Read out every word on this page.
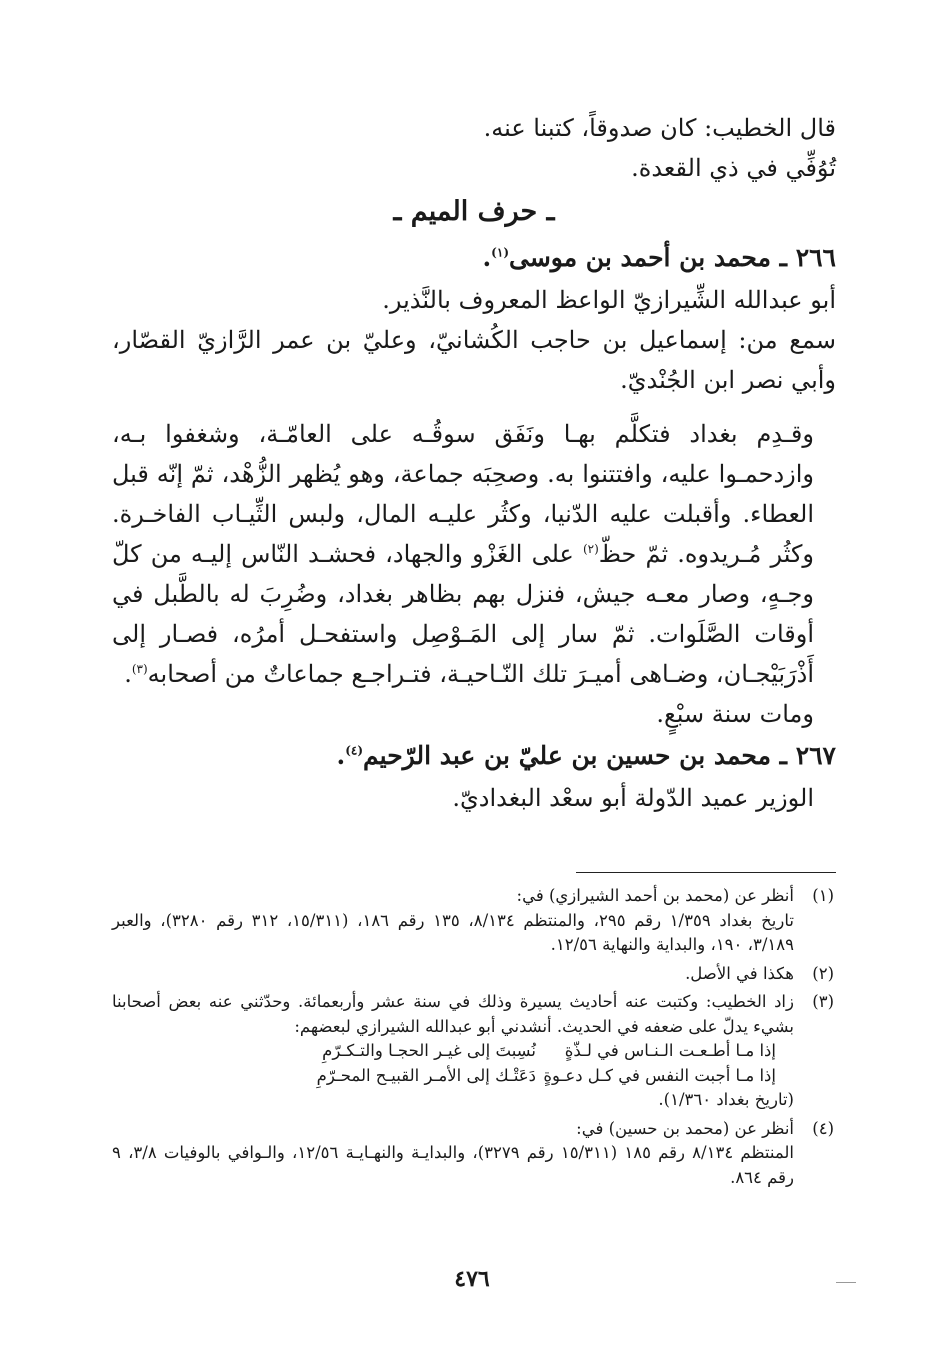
قال الخطيب: كان صدوقاً، كتبنا عنه.

تُوُفِّي في ذي القعدة.

ـ حرف الميم ـ

٢٦٦ ـ محمد بن أحمد بن موسى$^{(١)}$.

أبو عبدالله الشِّيرازيّ الواعظ المعروف بالنَّذير.

سمع من: إسماعيل بن حاجب الكُشانيّ، وعليّ بن عمر الرَّازيّ القصّار، وأبي نصر ابن الجُنْديّ.

وقـدِم بغداد فتكلَّم بهـا ونَفَق سوقُـه على العامّـة، وشغفوا بـه، وازدحمـوا عليه، وافتتنوا به. وصحِبَه جماعة، وهو يُظهر الزُّهْد، ثمّ إنّه قبل العطاء. وأقبلت عليه الدّنيا، وكثُر عليـه المال، ولبس الثِّيـاب الفاخـرة. وكثُر مُـريدوه. ثمّ حظّ$^{(٢)}$ على الغَزْو والجهاد، فحشـد النّاس إليـه من كلّ وجـهٍ، وصار معـه جيش، فنزل بهم بظاهر بغداد، وضُرِبَ له بالطَّبل في أوقات الصَّلَوات. ثمّ سار إلى المَـوْصِل واستفحـل أمرُه، فصـار إلى أَذْرَبَيْجـان، وضـاهى أميـرَ تلك النّـاحيـة، فتـراجـع جماعاتٌ من أصحابه$^{(٣)}$.

ومات سنة سبْعٍ.

٢٦٧ ـ محمد بن حسين بن عليّ بن عبد الرّحيم$^{(٤)}$.

الوزير عميد الدّولة أبو سعْد البغداديّ.

(١)

أنظر عن (محمد بن أحمد الشيرازي) في:

تاريخ بغداد ١/٣٥٩ رقم ٢٩٥، والمنتظم ٨/١٣٤، ١٣٥ رقم ١٨٦، (١٥/٣١١، ٣١٢ رقم ٣٢٨٠)، والعبر ٣/١٨٩، ١٩٠، والبداية والنهاية ١٢/٥٦.

(٢)

هكذا في الأصل.

(٣)

زاد الخطيب: وكتبت عنه أحاديث يسيرة وذلك في سنة عشر وأربعمائة. وحدّثني عنه بعض أصحابنا بشيء يدلّ على ضعفه في الحديث. أنشدني أبو عبدالله الشيرازي لبعضهم:

إذا مـا أطـعـت الـنـاس في لـذّةٍ
نُسِبتَ إلى غيـر الحجـا والتـكـرّمِ
إذا مـا أجبت النفس في كـل دعـوةٍ
دَعَتْـك إلى الأمـر القبيـح المحـرّمِ

(تاريخ بغداد ١/٣٦٠).

(٤)

أنظر عن (محمد بن حسين) في:

المنتظم ٨/١٣٤ رقم ١٨٥ (١٥/٣١١ رقم ٣٢٧٩)، والبدايـة والنهـايـة ١٢/٥٦، والـوافي بالوفيات ٣/٨، ٩ رقم ٨٦٤.

٤٧٦
